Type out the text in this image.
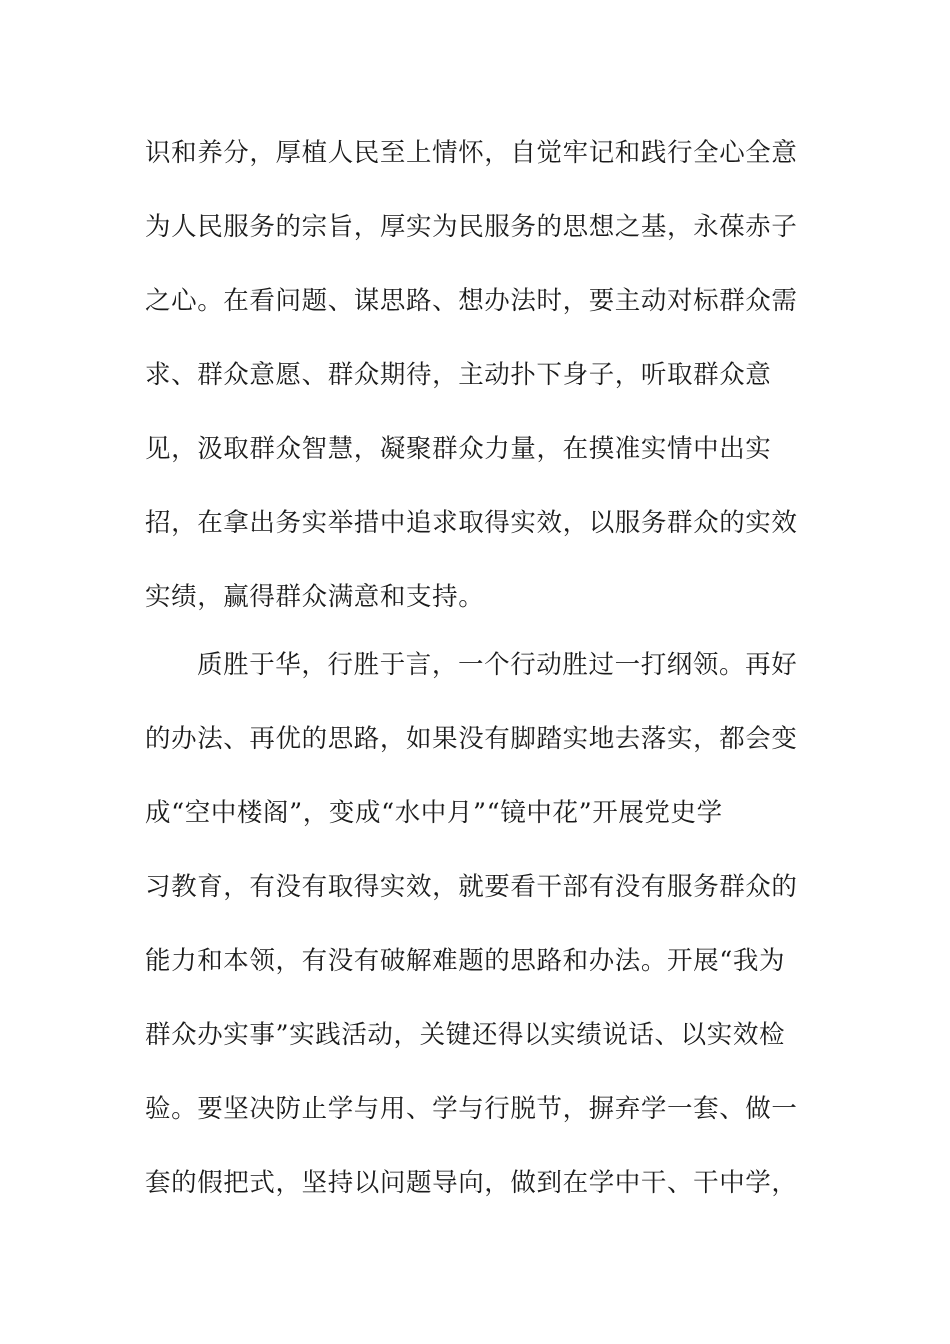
识和养分，厚植人民至上情怀，自觉牢记和践行全心全意
为人民服务的宗旨，厚实为民服务的思想之基，永葆赤子
之心。在看问题、谋思路、想办法时，要主动对标群众需
求、群众意愿、群众期待，主动扑下身子，听取群众意
见，汲取群众智慧，凝聚群众力量，在摸准实情中出实
招，在拿出务实举措中追求取得实效，以服务群众的实效
实绩，赢得群众满意和支持。
质胜于华，行胜于言，一个行动胜过一打纲领。再好
的办法、再优的思路，如果没有脚踏实地去落实，都会变
成“空中楼阁”，变成“水中月”“镜中花”开展党史学
习教育，有没有取得实效，就要看干部有没有服务群众的
能力和本领，有没有破解难题的思路和办法。开展“我为
群众办实事”实践活动，关键还得以实绩说话、以实效检
验。要坚决防止学与用、学与行脱节，摒弃学一套、做一
套的假把式，坚持以问题导向，做到在学中干、干中学，
